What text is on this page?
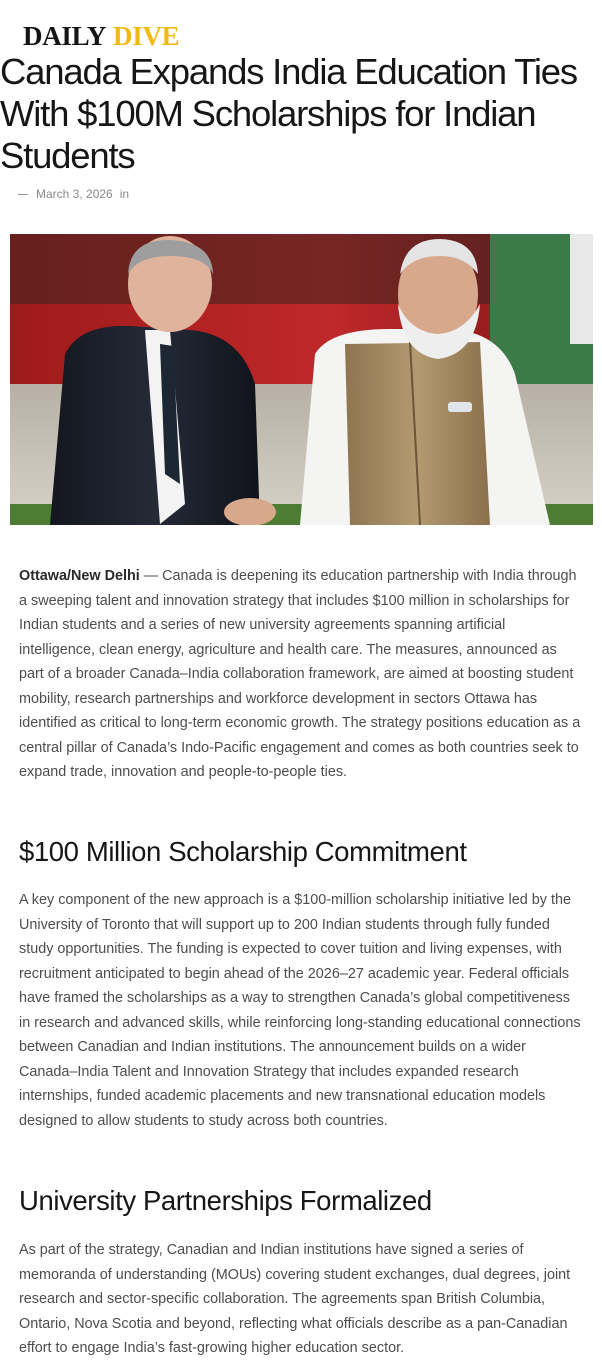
DAILY DIVE
Canada Expands India Education Ties With $100M Scholarships for Indian Students
March 3, 2026 in

Ottawa/New Delhi — Canada is deepening its education partnership with India through a sweeping talent and innovation strategy that includes $100 million in scholarships for Indian students and a series of new university agreements spanning artificial intelligence, clean energy, agriculture and health care. The measures, announced as part of a broader Canada–India collaboration framework, are aimed at boosting student mobility, research partnerships and workforce development in sectors Ottawa has identified as critical to long-term economic growth. The strategy positions education as a central pillar of Canada’s Indo-Pacific engagement and comes as both countries seek to expand trade, innovation and people-to-people ties.

$100 Million Scholarship Commitment

A key component of the new approach is a $100-million scholarship initiative led by the University of Toronto that will support up to 200 Indian students through fully funded study opportunities. The funding is expected to cover tuition and living expenses, with recruitment anticipated to begin ahead of the 2026–27 academic year. Federal officials have framed the scholarships as a way to strengthen Canada’s global competitiveness in research and advanced skills, while reinforcing long-standing educational connections between Canadian and Indian institutions. The announcement builds on a wider Canada–India Talent and Innovation Strategy that includes expanded research internships, funded academic placements and new transnational education models designed to allow students to study across both countries.

University Partnerships Formalized

As part of the strategy, Canadian and Indian institutions have signed a series of memoranda of understanding (MOUs) covering student exchanges, dual degrees, joint research and sector-specific collaboration. The agreements span British Columbia, Ontario, Nova Scotia and beyond, reflecting what officials describe as a pan-Canadian effort to engage India’s fast-growing higher education sector.
